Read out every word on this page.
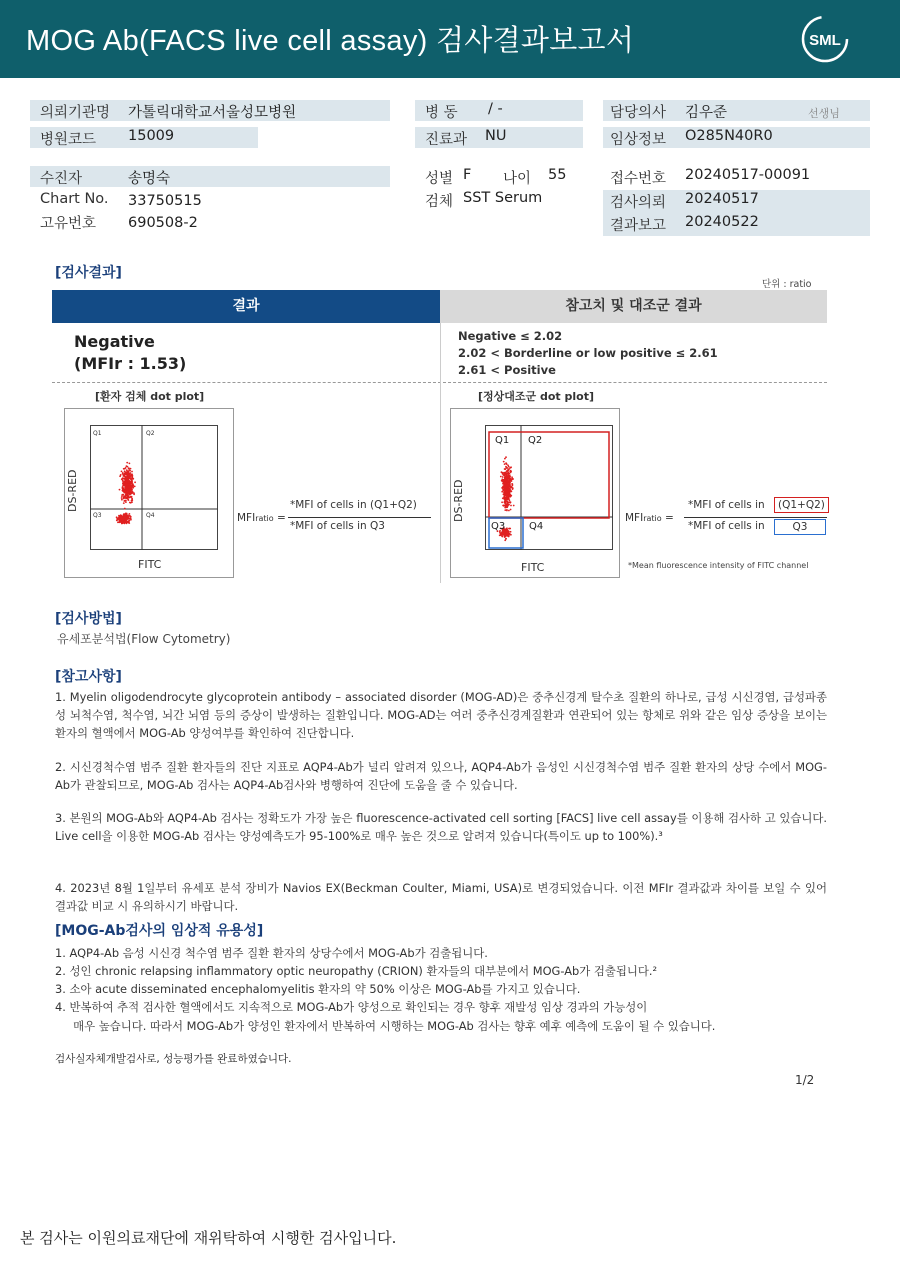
MOG Ab(FACS live cell assay) 검사결과보고서	SML
의뢰기관명 가톨릭대학교서울성모병원
병원코드 15009
병 동 / -
진료과 NU
담당의사 김우준	선생님
임상정보 O285N40R0
수진자	송명숙
Chart No. 33750515
고유번호 690508-2
성별 F 나이 55
검체 SST Serum
접수번호 20240517-00091
검사의뢰 20240517
결과보고 20240522
[검사결과]
단위 : ratio
결과	참고치 및 대조군 결과
Negative
(MFIr : 1.53)
Negative ≤ 2.02
2.02 < Borderline or low positive ≤ 2.61
2.61 < Positive
[환자 검체 dot plot]
Q1	Q2
Q3	Q4
DS-RED
FITC
MFIratio =
*MFI of cells in (Q1+Q2)
*MFI of cells in Q3
[정상대조군 dot plot]
Q1 Q2
Q3 Q4
DS-RED
FITC
MFIratio =
*MFI of cells in	(Q1+Q2)
*MFI of cells in	Q3
*Mean fluorescence intensity of FITC channel
[검사방법]
유세포분석법(Flow Cytometry)
[참고사항]
1. Myelin oligodendrocyte glycoprotein antibody – associated disorder (MOG-AD)은 중추신경계 탈수초 질환의 하나로, 급성 시신경염, 급성파종성 뇌척수염, 척수염, 뇌간 뇌염 등의 증상이 발생하는 질환입니다. MOG-AD는 여러 중추신경계질환과 연관되어 있는 항체로 위와 같은 임상 증상을 보이는 환자의 혈액에서 MOG-Ab 양성여부를 확인하여 진단합니다.
2. 시신경척수염 범주 질환 환자들의 진단 지표로 AQP4-Ab가 널리 알려져 있으나, AQP4-Ab가 음성인 시신경척수염 범주 질환 환자의 상당 수에서 MOG-Ab가 관찰되므로, MOG-Ab 검사는 AQP4-Ab검사와 병행하여 진단에 도움을 줄 수 있습니다.
3. 본원의 MOG-Ab와 AQP4-Ab 검사는 정확도가 가장 높은 fluorescence-activated cell sorting [FACS] live cell assay를 이용해 검사하 고 있습니다. Live cell을 이용한 MOG-Ab 검사는 양성예측도가 95-100%로 매우 높은 것으로 알려져 있습니다(특이도 up to 100%).³
4. 2023년 8월 1일부터 유세포 분석 장비가 Navios EX(Beckman Coulter, Miami, USA)로 변경되었습니다. 이전 MFIr 결과값과 차이를 보일 수 있어 결과값 비교 시 유의하시기 바랍니다.
[MOG-Ab검사의 임상적 유용성]
1. AQP4-Ab 음성 시신경 척수염 범주 질환 환자의 상당수에서 MOG-Ab가 검출됩니다.
2. 성인 chronic relapsing inflammatory optic neuropathy (CRION) 환자들의 대부분에서 MOG-Ab가 검출됩니다.²
3. 소아 acute disseminated encephalomyelitis 환자의 약 50% 이상은 MOG-Ab를 가지고 있습니다.
4. 반복하여 추적 검사한 혈액에서도 지속적으로 MOG-Ab가 양성으로 확인되는 경우 향후 재발성 임상 경과의 가능성이
매우 높습니다. 따라서 MOG-Ab가 양성인 환자에서 반복하여 시행하는 MOG-Ab 검사는 향후 예후 예측에 도움이 될 수 있습니다.
검사실자체개발검사로, 성능평가를 완료하였습니다.
1/2
본 검사는 이원의료재단에 재위탁하여 시행한 검사입니다.
